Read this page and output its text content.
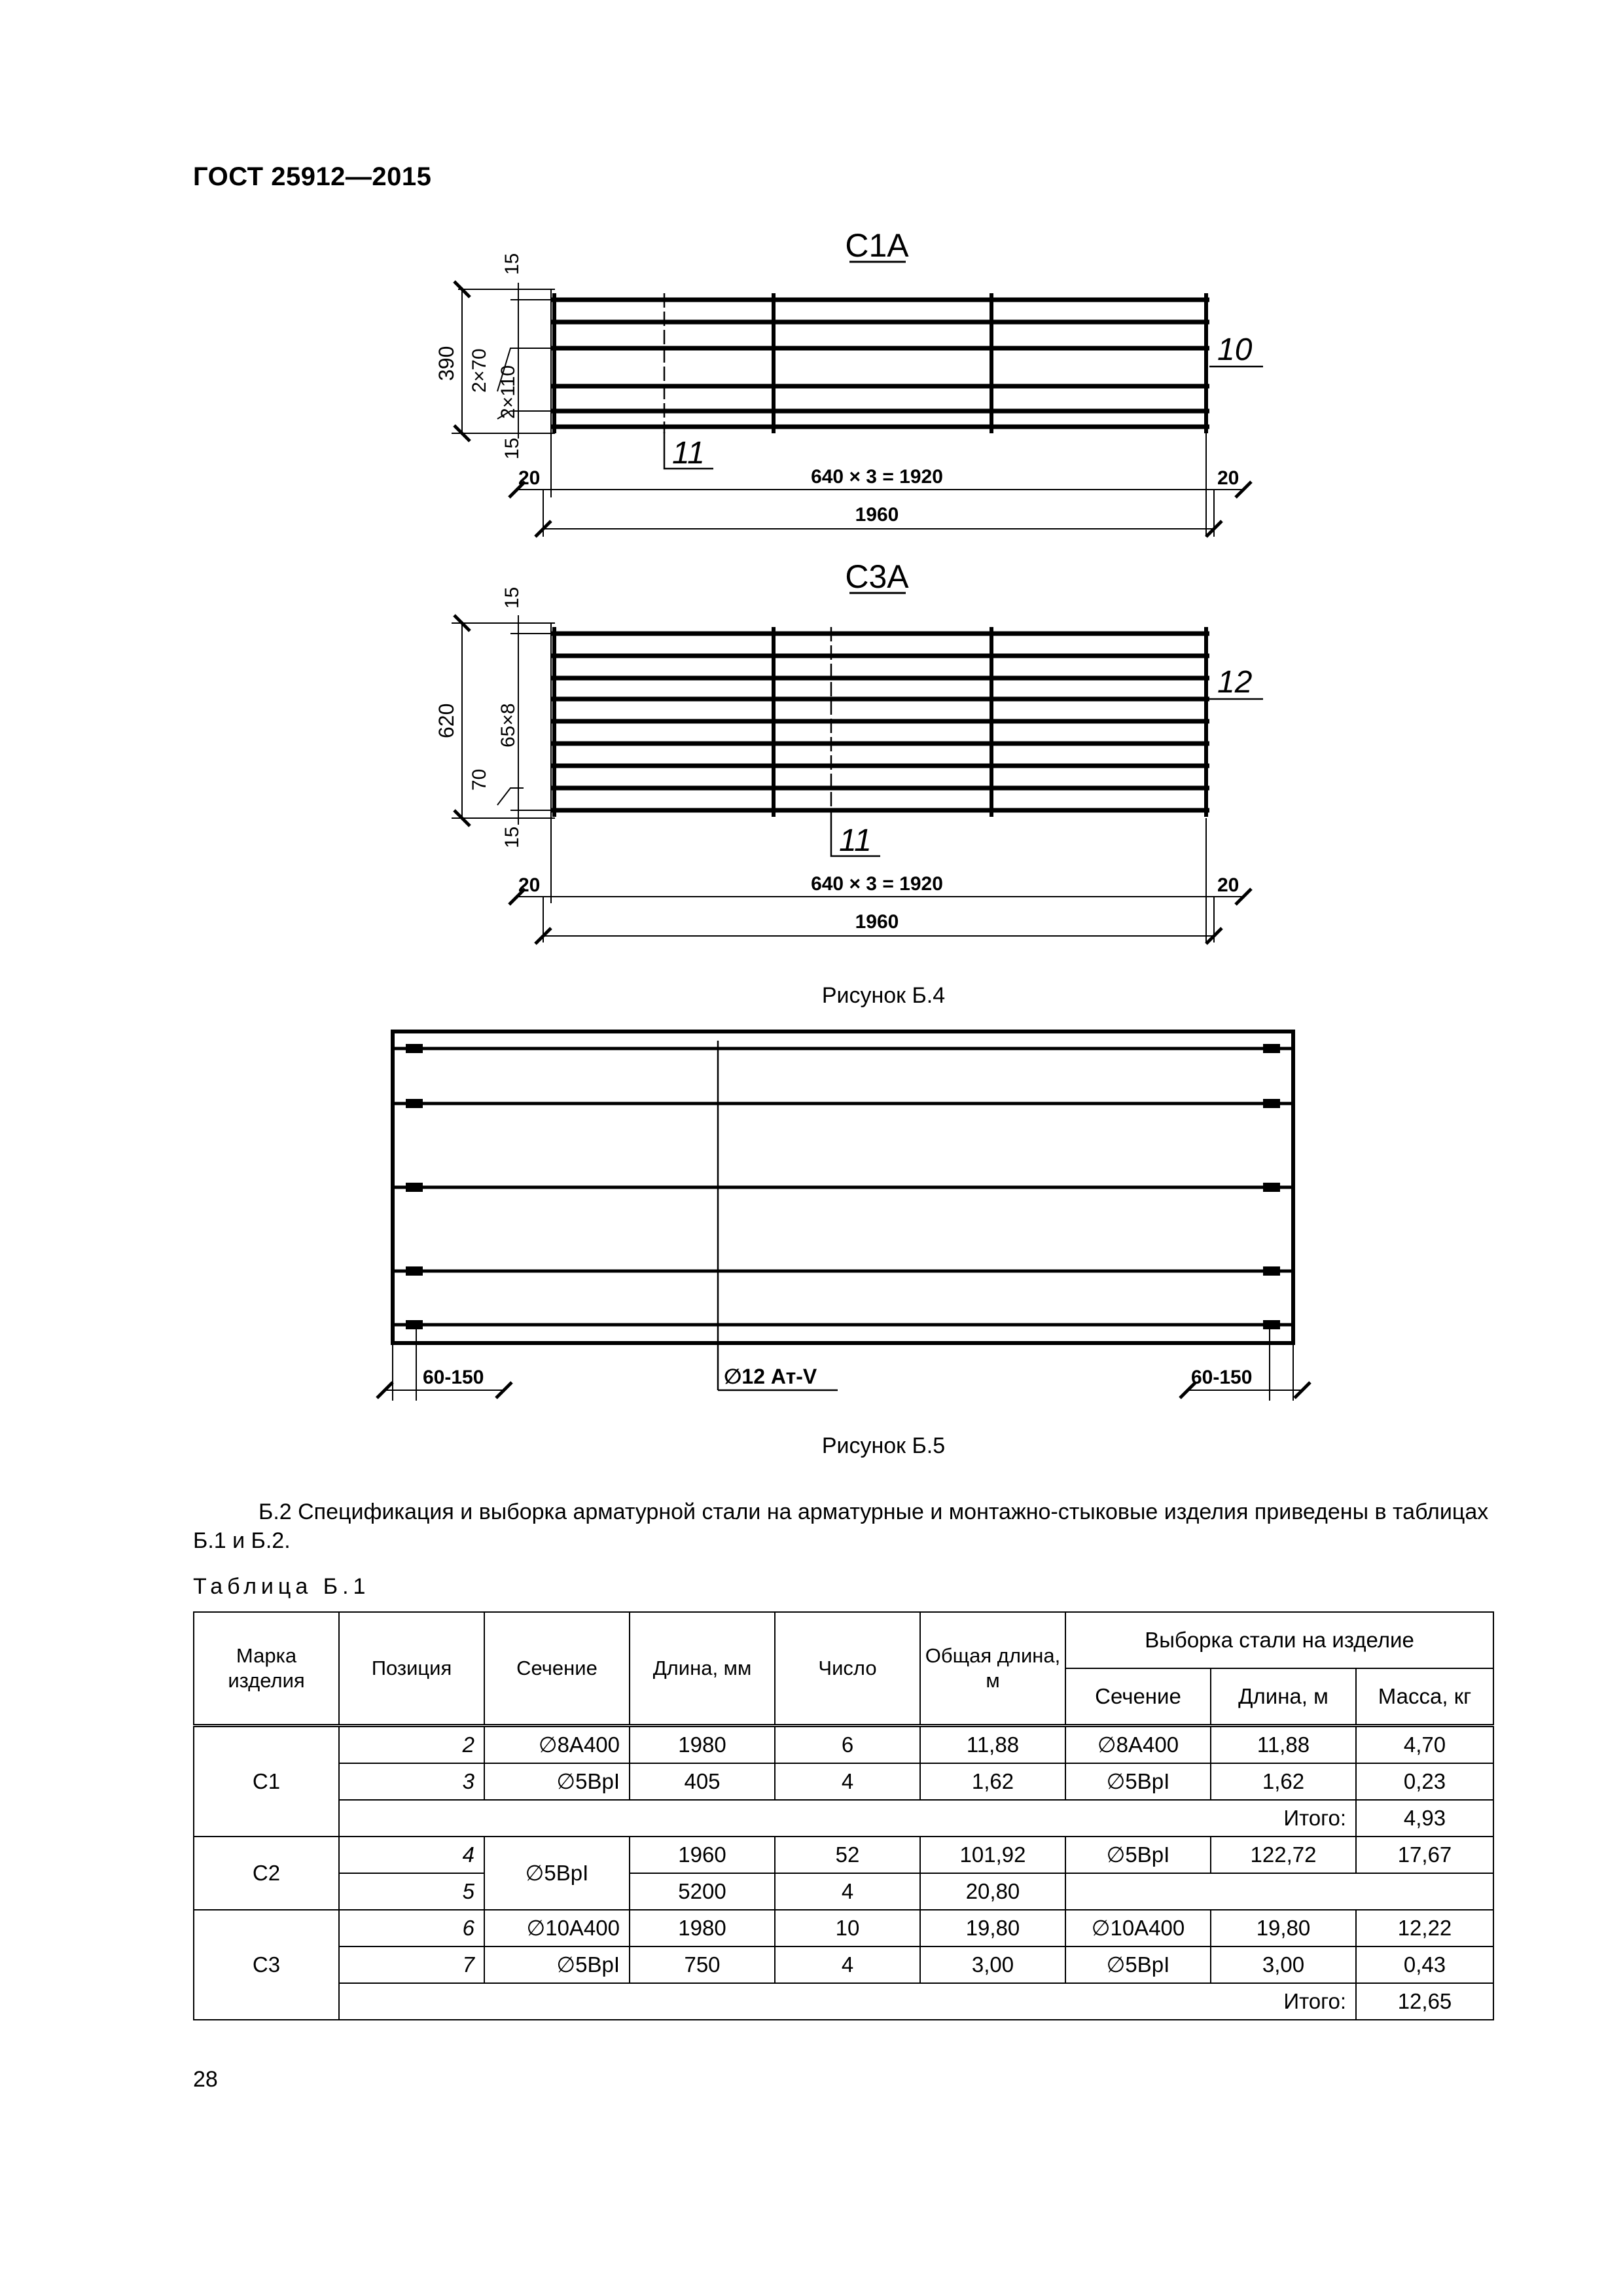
ГОСТ 25912—2015
С1А
15
390 2×70 2×110
15
10
11
20	640 × 3 = 1920	20
1960
С3А
15
620 65×8
70
15
12
11
20	640 × 3 = 1920	20
1960
60-150	∅12 Ат-V	60-150
Рисунок Б.4
Рисунок Б.5
Б.2 Спецификация и выборка арматурной стали на арматурные и монтажно-стыковые изделия приведены в таблицах Б.1 и Б.2.
Таблица Б.1
Марка изделия	Позиция	Сечение	Длина, мм	Число	Общая длина, м	Выборка стали на изделие		
						Сечение	Длина, м	Масса, кг
С1	2	∅8А400	1980	6	11,88	∅8А400	11,88	4,70
	3	∅5ВрI	405	4	1,62	∅5ВрI	1,62	0,23
	Итого:							4,93
С2	4	∅5ВрI	1960	52	101,92	∅5ВрI	122,72	17,67
	5		5200	4	20,80			
С3	6	∅10А400	1980	10	19,80	∅10А400	19,80	12,22
	7	∅5ВрI	750	4	3,00	∅5ВрI	3,00	0,43
	Итого:							12,65
28
